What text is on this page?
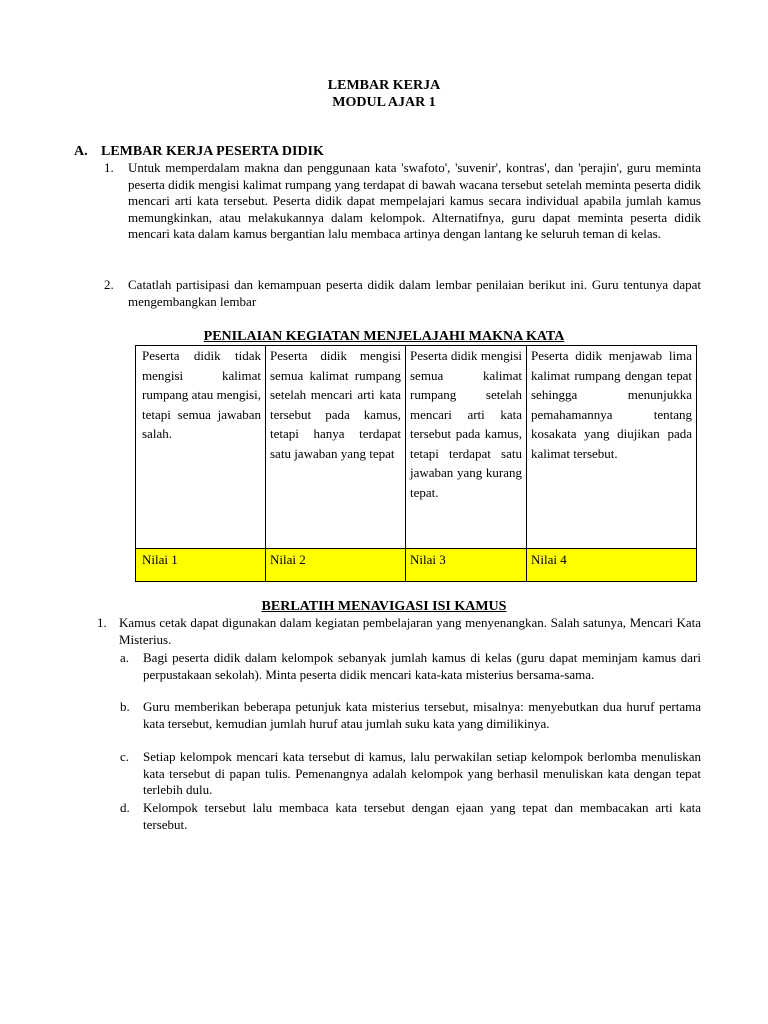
LEMBAR KERJA
MODUL AJAR 1
A. LEMBAR KERJA PESERTA DIDIK
1. Untuk memperdalam makna dan penggunaan kata 'swafoto', 'suvenir', kontras', dan 'perajin', guru meminta peserta didik mengisi kalimat rumpang yang terdapat di bawah wacana tersebut setelah meminta peserta didik mencari arti kata tersebut. Peserta didik dapat mempelajari kamus secara individual apabila jumlah kamus memungkinkan, atau melakukannya dalam kelompok. Alternatifnya, guru dapat meminta peserta didik mencari kata dalam kamus bergantian lalu membaca artinya dengan lantang ke seluruh teman di kelas.
2. Catatlah partisipasi dan kemampuan peserta didik dalam lembar penilaian berikut ini. Guru tentunya dapat mengembangkan lembar
PENILAIAN KEGIATAN MENJELAJAHI MAKNA KATA
Peserta didik tidak mengisi kalimat rumpang atau mengisi, tetapi semua jawaban salah.	Peserta didik mengisi semua kalimat rumpang setelah mencari arti kata tersebut pada kamus, tetapi hanya terdapat satu jawaban yang tepat	Peserta didik mengisi semua kalimat rumpang setelah mencari arti kata tersebut pada kamus, tetapi terdapat satu jawaban yang kurang tepat.	Peserta didik menjawab lima kalimat rumpang dengan tepat sehingga menunjukka pemahamannya tentang kosakata yang diujikan pada kalimat tersebut.
Nilai 1	Nilai 2	Nilai 3	Nilai 4
BERLATIH MENAVIGASI ISI KAMUS
1. Kamus cetak dapat digunakan dalam kegiatan pembelajaran yang menyenangkan. Salah satunya, Mencari Kata Misterius.
a. Bagi peserta didik dalam kelompok sebanyak jumlah kamus di kelas (guru dapat meminjam kamus dari perpustakaan sekolah). Minta peserta didik mencari kata-kata misterius bersama-sama.
b. Guru memberikan beberapa petunjuk kata misterius tersebut, misalnya: menyebutkan dua huruf pertama kata tersebut, kemudian jumlah huruf atau jumlah suku kata yang dimilikinya.
c. Setiap kelompok mencari kata tersebut di kamus, lalu perwakilan setiap kelompok berlomba menuliskan kata tersebut di papan tulis. Pemenangnya adalah kelompok yang berhasil menuliskan kata dengan tepat terlebih dulu.
d. Kelompok tersebut lalu membaca kata tersebut dengan ejaan yang tepat dan membacakan arti kata tersebut.
